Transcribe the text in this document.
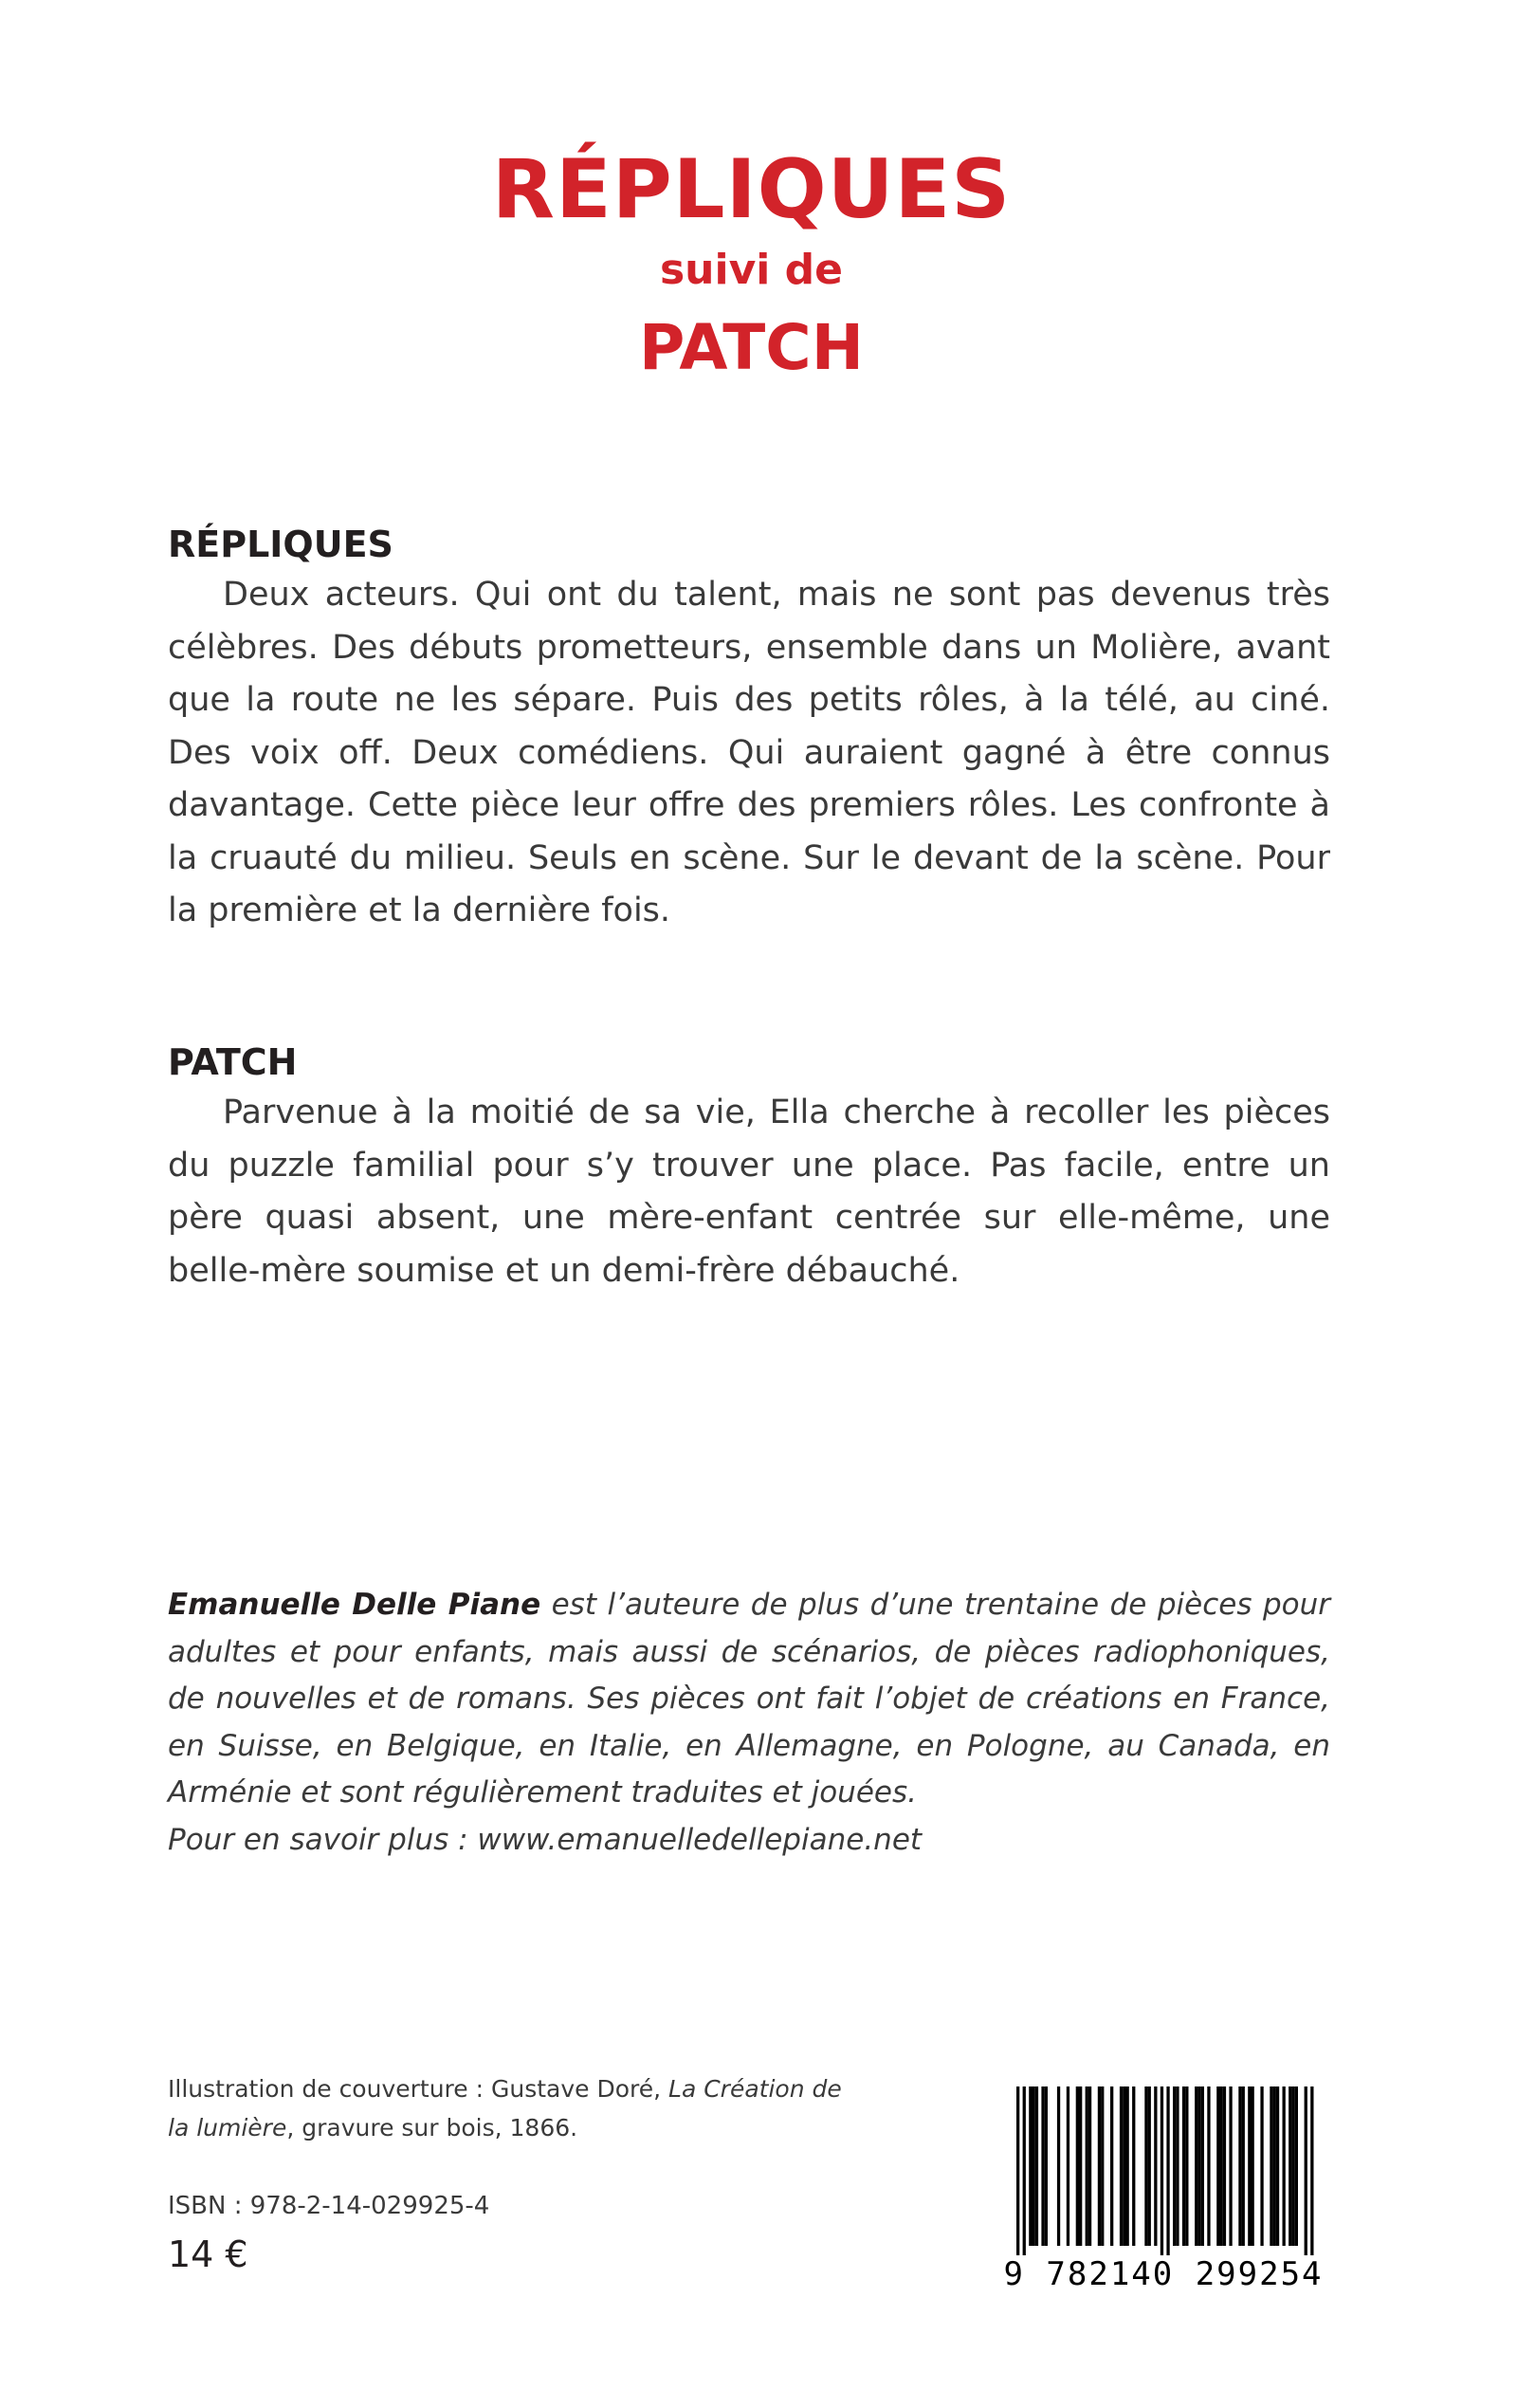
RÉPLIQUES
suivi de
PATCH
RÉPLIQUES
Deux acteurs. Qui ont du talent, mais ne sont pas devenus très célèbres. Des débuts prometteurs, ensemble dans un Molière, avant que la route ne les sépare. Puis des petits rôles, à la télé, au ciné. Des voix off. Deux comédiens. Qui auraient gagné à être connus davantage. Cette pièce leur offre des premiers rôles. Les confronte à la cruauté du milieu. Seuls en scène. Sur le devant de la scène. Pour la première et la dernière fois.
PATCH
Parvenue à la moitié de sa vie, Ella cherche à recoller les pièces du puzzle familial pour s’y trouver une place. Pas facile, entre un père quasi absent, une mère-enfant centrée sur elle-même, une belle-mère soumise et un demi-frère débauché.
Emanuelle Delle Piane est l’auteure de plus d’une trentaine de pièces pour adultes et pour enfants, mais aussi de scénarios, de pièces radiophoniques, de nouvelles et de romans. Ses pièces ont fait l’objet de créations en France, en Suisse, en Belgique, en Italie, en Allemagne, en Pologne, au Canada, en Arménie et sont régulièrement traduites et jouées.
Pour en savoir plus : www.emanuelledellepiane.net
Illustration de couverture : Gustave Doré, La Création de la lumière, gravure sur bois, 1866.
ISBN : 978-2-14-029925-4
14 €	9 782140 299254
